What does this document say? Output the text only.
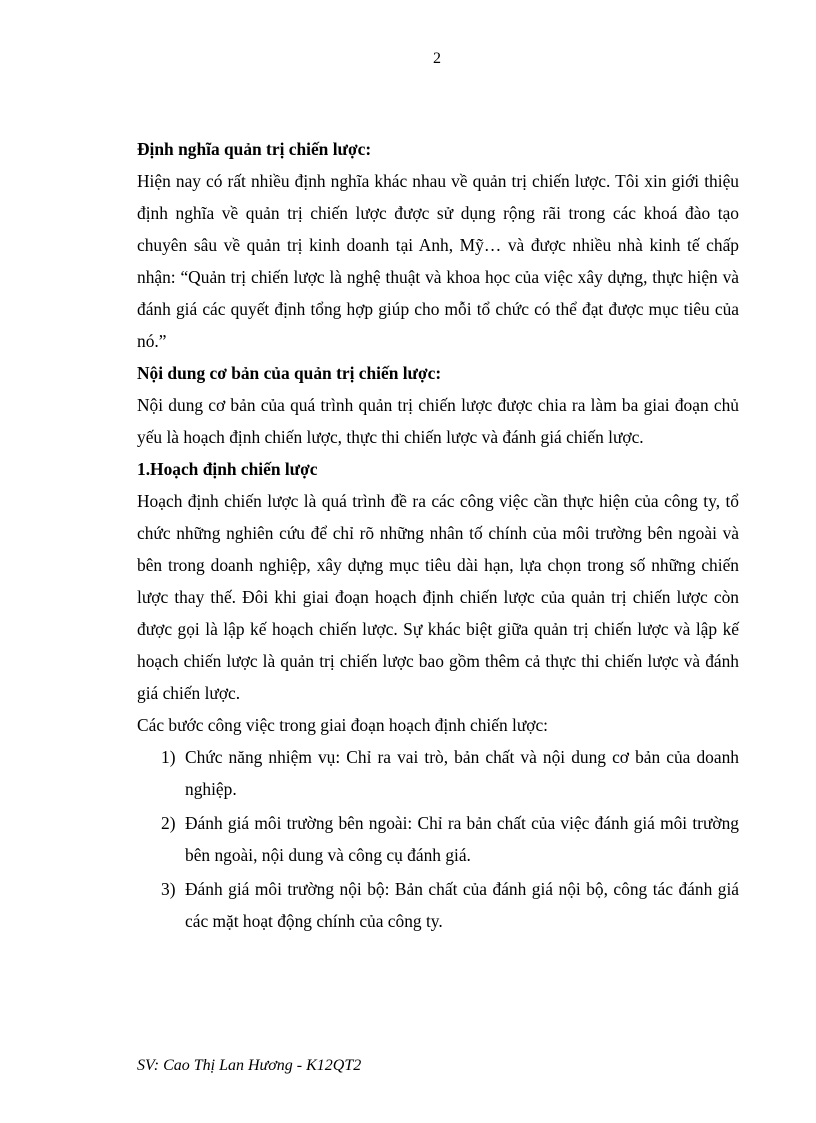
2

Định nghĩa quản trị chiến lược:

Hiện nay có rất nhiều định nghĩa khác nhau về quản trị chiến lược. Tôi xin giới thiệu định nghĩa về quản trị chiến lược được sử dụng rộng rãi trong các khoá đào tạo chuyên sâu về quản trị kinh doanh tại Anh, Mỹ… và được nhiều nhà kinh tế chấp nhận: “Quản trị chiến lược là nghệ thuật và khoa học của việc xây dựng, thực hiện và đánh giá các quyết định tổng hợp giúp cho mỗi tổ chức có thể đạt được mục tiêu của nó.”

Nội dung cơ bản của quản trị chiến lược:

Nội dung cơ bản của quá trình quản trị chiến lược được chia ra làm ba giai đoạn chủ yếu là hoạch định chiến lược, thực thi chiến lược và đánh giá chiến lược.

1.Hoạch định chiến lược

Hoạch định chiến lược là quá trình đề ra các công việc cần thực hiện của công ty, tổ chức những nghiên cứu để chỉ rõ những nhân tố chính của môi trường bên ngoài và bên trong doanh nghiệp, xây dựng mục tiêu dài hạn, lựa chọn trong số những chiến lược thay thế. Đôi khi giai đoạn hoạch định chiến lược của quản trị chiến lược còn được gọi là lập kế hoạch chiến lược. Sự khác biệt giữa quản trị chiến lược và lập kế hoạch chiến lược là quản trị chiến lược bao gồm thêm cả thực thi chiến lược và đánh giá chiến lược.

Các bước công việc trong giai đoạn hoạch định chiến lược:

1) Chức năng nhiệm vụ: Chỉ ra vai trò, bản chất và nội dung cơ bản của doanh nghiệp.
2) Đánh giá môi trường bên ngoài: Chỉ ra bản chất của việc đánh giá môi trường bên ngoài, nội dung và công cụ đánh giá.
3) Đánh giá môi trường nội bộ: Bản chất của đánh giá nội bộ, công tác đánh giá các mặt hoạt động chính của công ty.
SV: Cao Thị Lan Hương - K12QT2
